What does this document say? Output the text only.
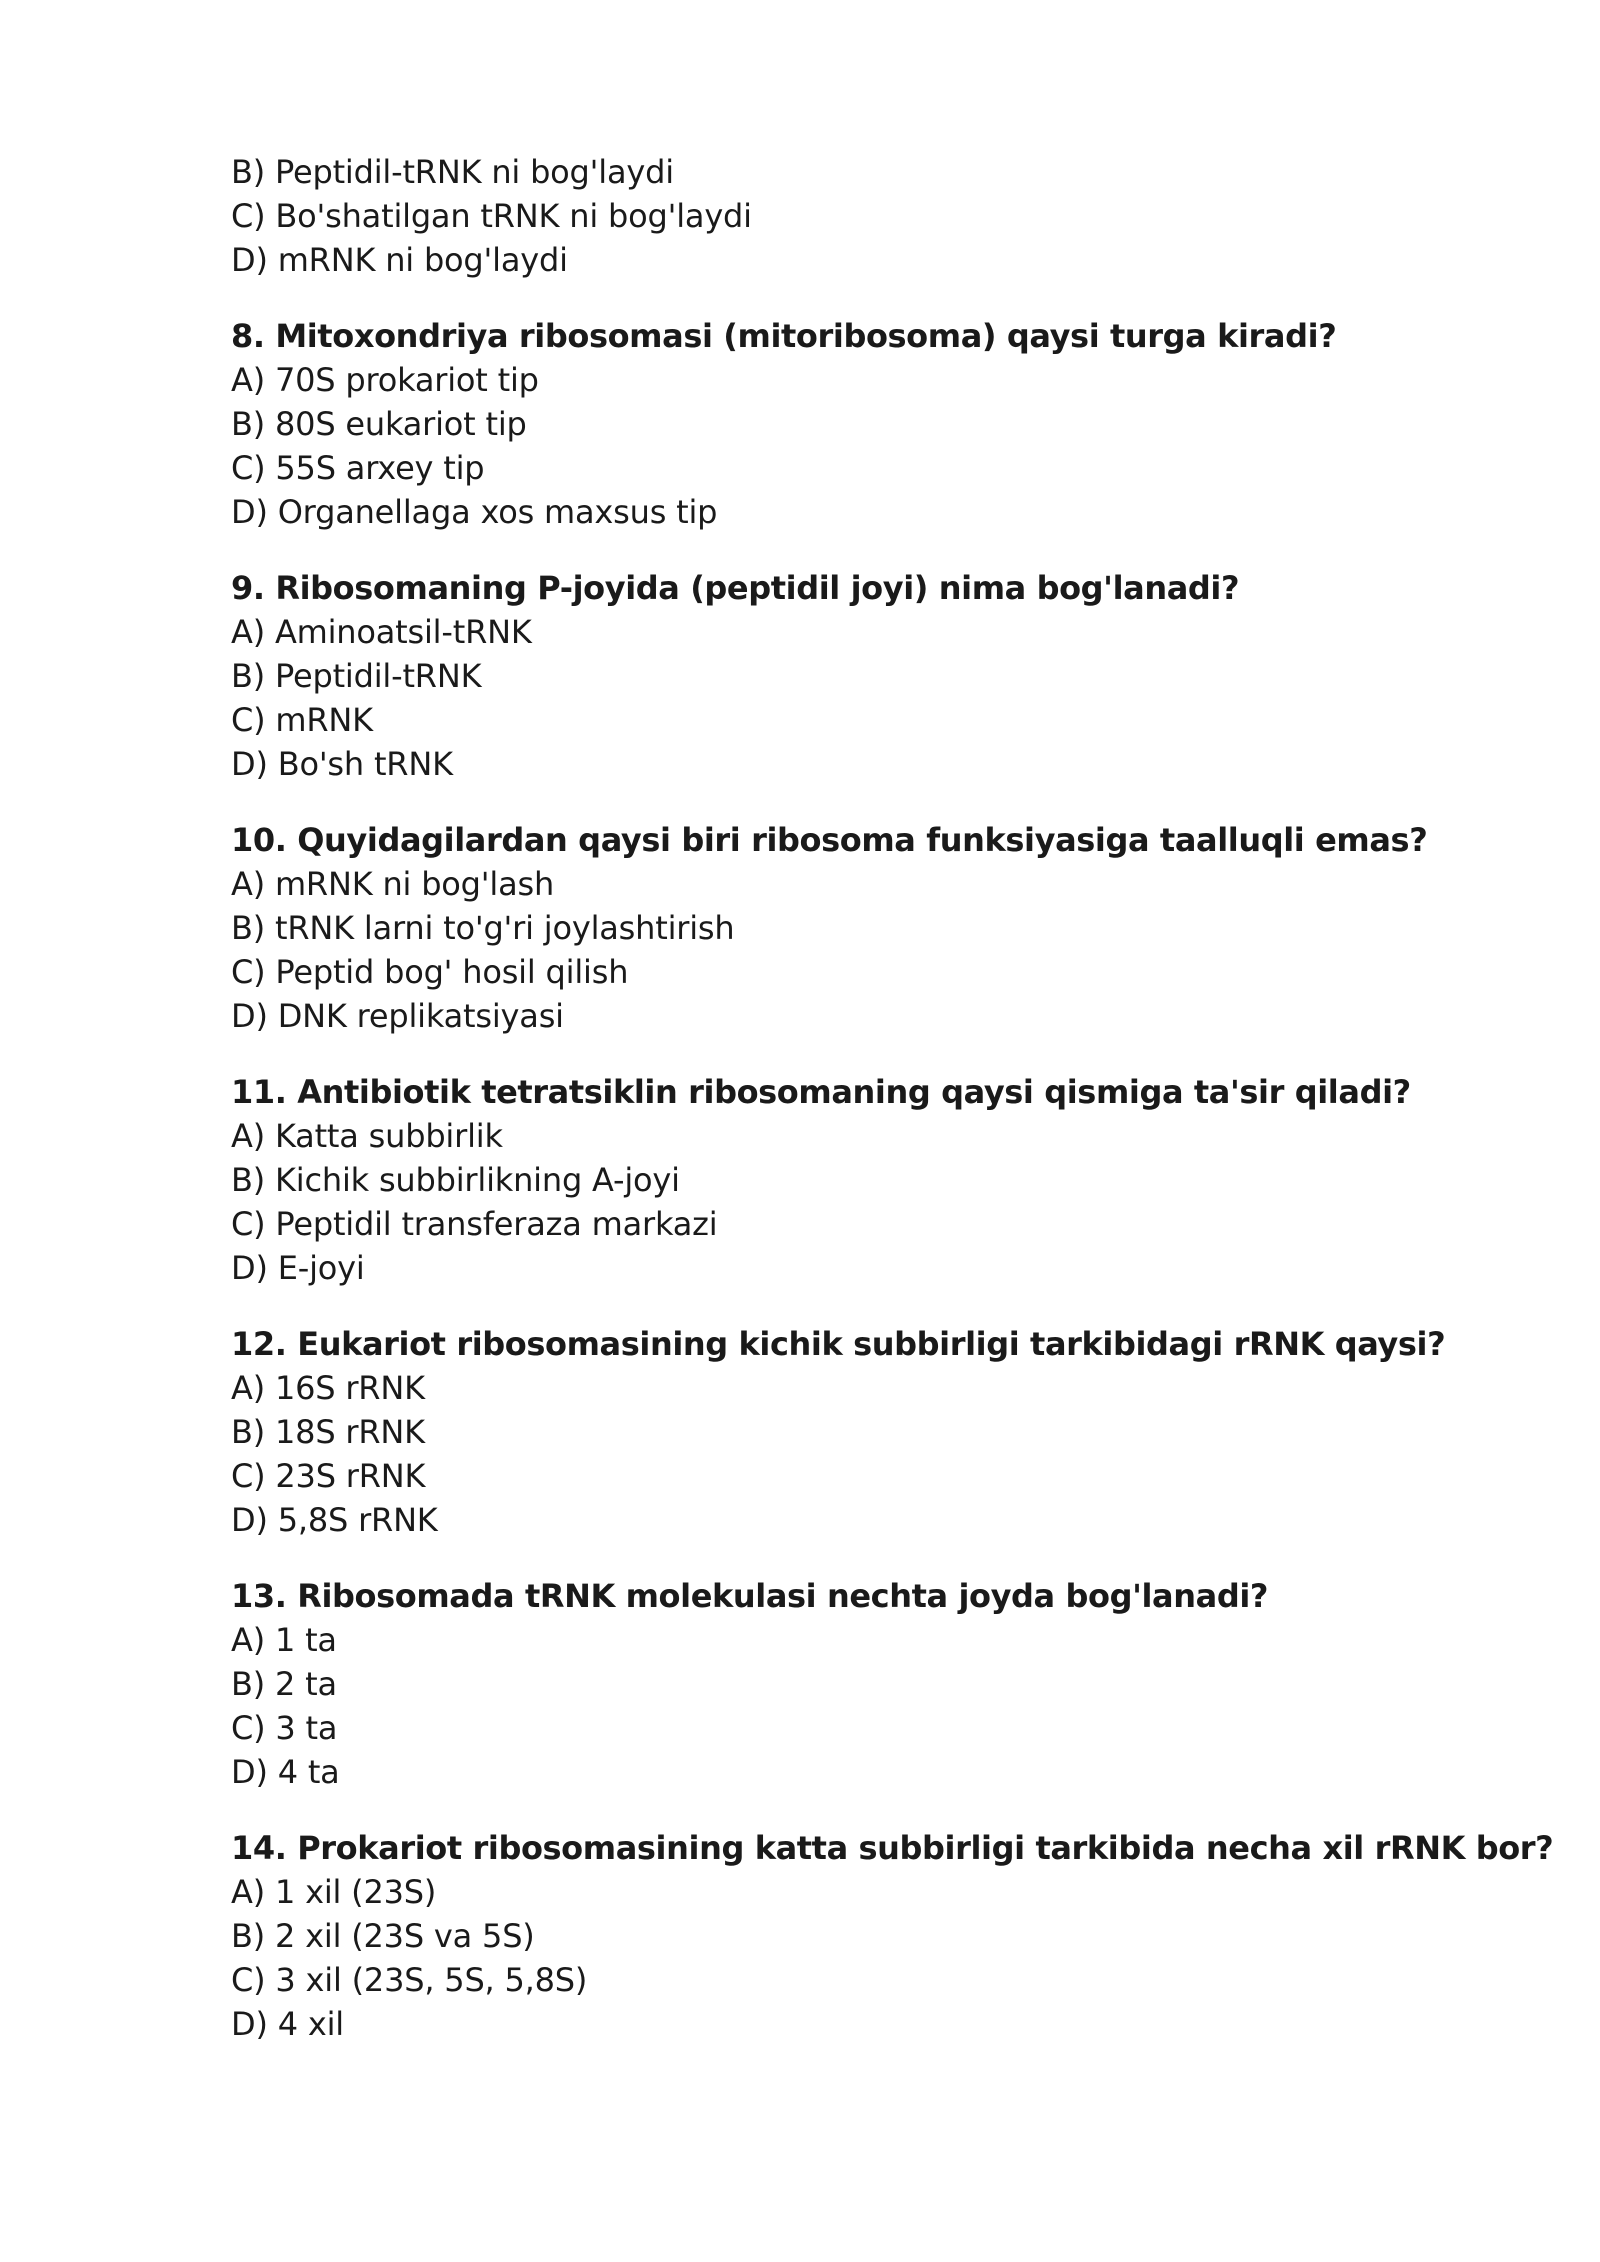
B) Peptidil-tRNK ni bog'laydi
C) Bo'shatilgan tRNK ni bog'laydi
D) mRNK ni bog'laydi
8. Mitoxondriya ribosomasi (mitoribosoma) qaysi turga kiradi?
A) 70S prokariot tip
B) 80S eukariot tip
C) 55S arxey tip
D) Organellaga xos maxsus tip
9. Ribosomaning P-joyida (peptidil joyi) nima bog'lanadi?
A) Aminoatsil-tRNK
B) Peptidil-tRNK
C) mRNK
D) Bo'sh tRNK
10. Quyidagilardan qaysi biri ribosoma funksiyasiga taalluqli emas?
A) mRNK ni bog'lash
B) tRNK larni to'g'ri joylashtirish
C) Peptid bog' hosil qilish
D) DNK replikatsiyasi
11. Antibiotik tetratsiklin ribosomaning qaysi qismiga ta'sir qiladi?
A) Katta subbirlik
B) Kichik subbirlikning A-joyi
C) Peptidil transferaza markazi
D) E-joyi
12. Eukariot ribosomasining kichik subbirligi tarkibidagi rRNK qaysi?
A) 16S rRNK
B) 18S rRNK
C) 23S rRNK
D) 5,8S rRNK
13. Ribosomada tRNK molekulasi nechta joyda bog'lanadi?
A) 1 ta
B) 2 ta
C) 3 ta
D) 4 ta
14. Prokariot ribosomasining katta subbirligi tarkibida necha xil rRNK bor?
A) 1 xil (23S)
B) 2 xil (23S va 5S)
C) 3 xil (23S, 5S, 5,8S)
D) 4 xil
